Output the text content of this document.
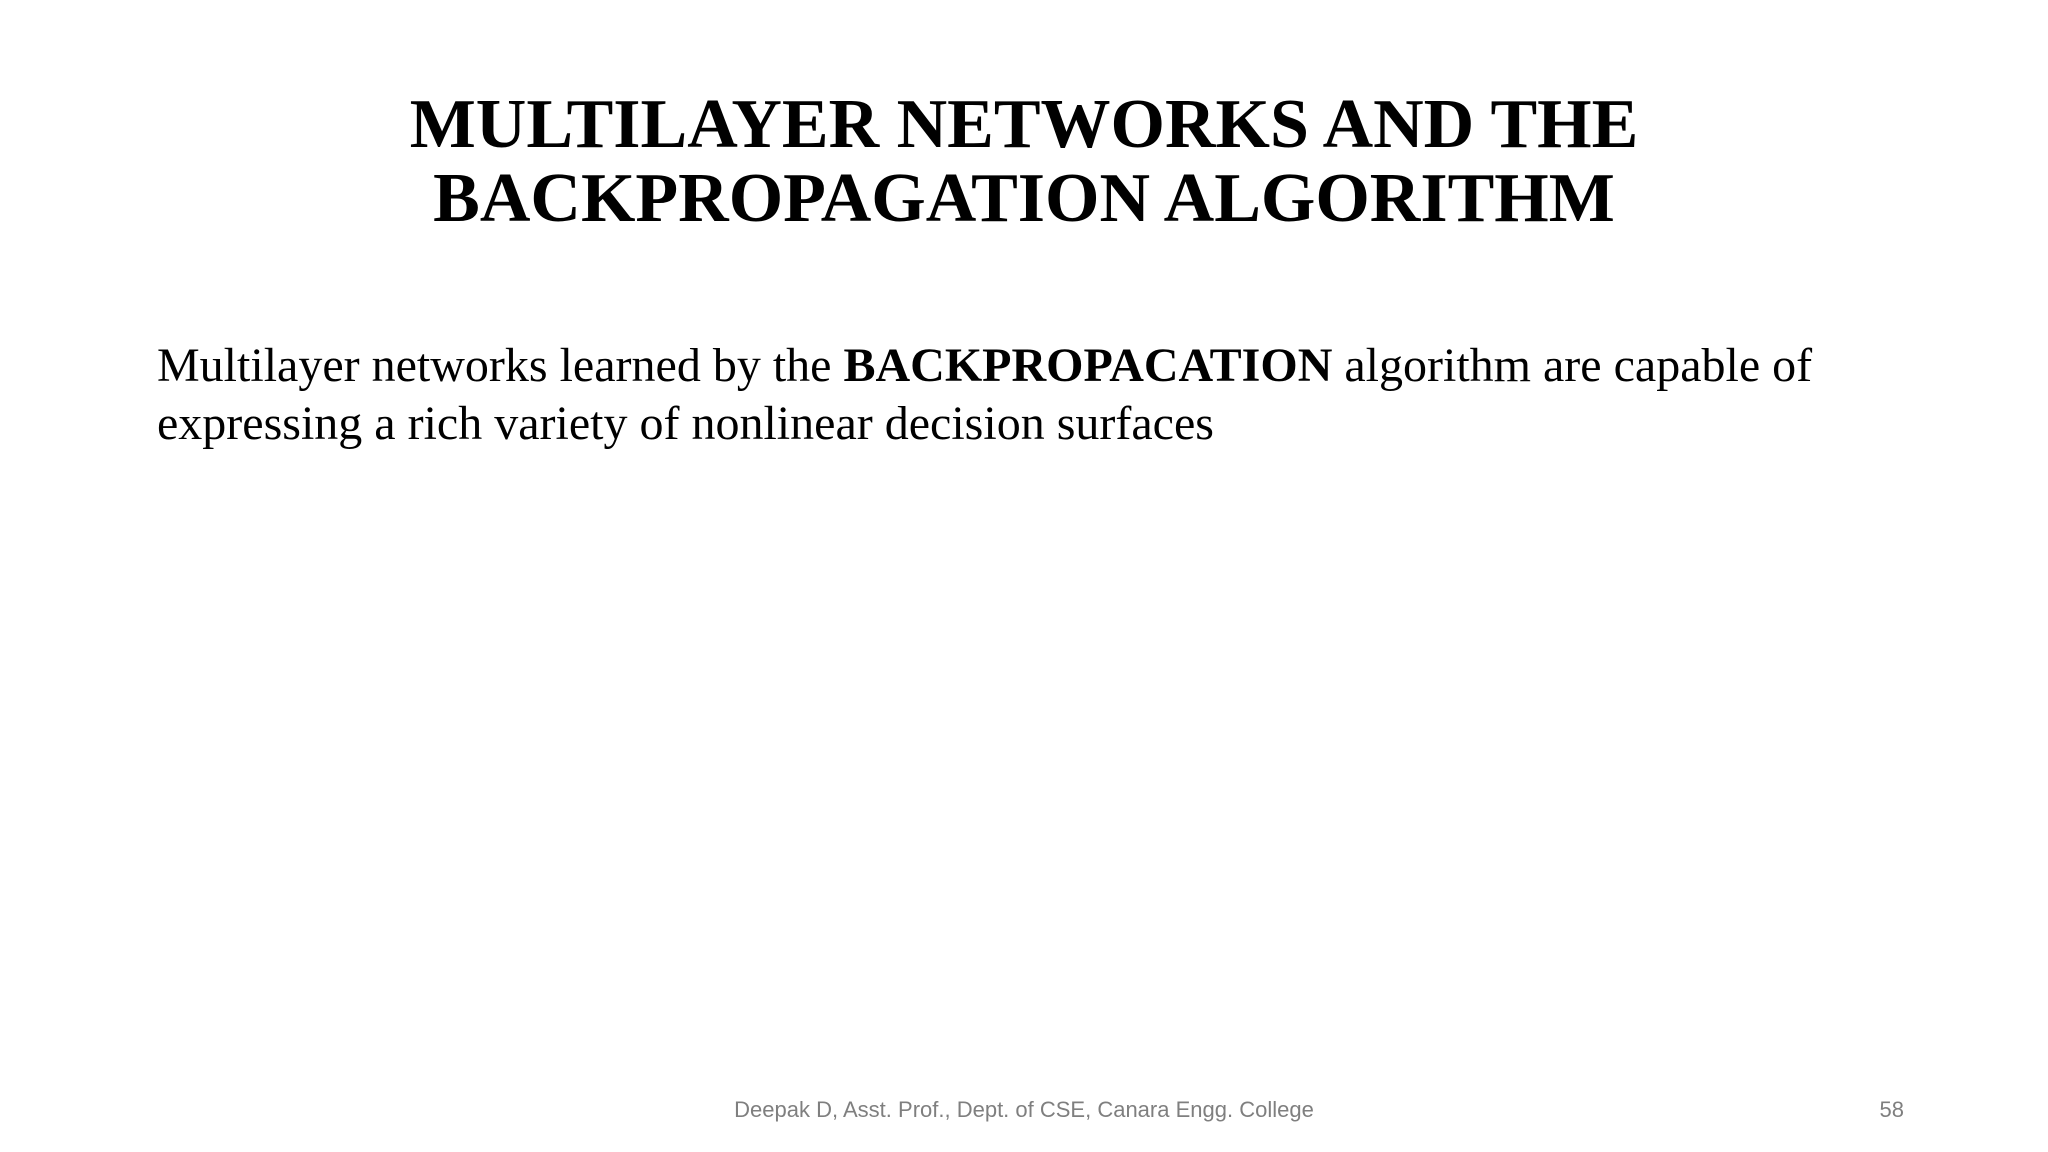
MULTILAYER NETWORKS AND THE
BACKPROPAGATION ALGORITHM

Multilayer networks learned by the BACKPROPACATION algorithm are capable of expressing a rich variety of nonlinear decision surfaces

Deepak D, Asst. Prof., Dept. of CSE, Canara Engg. College	58
